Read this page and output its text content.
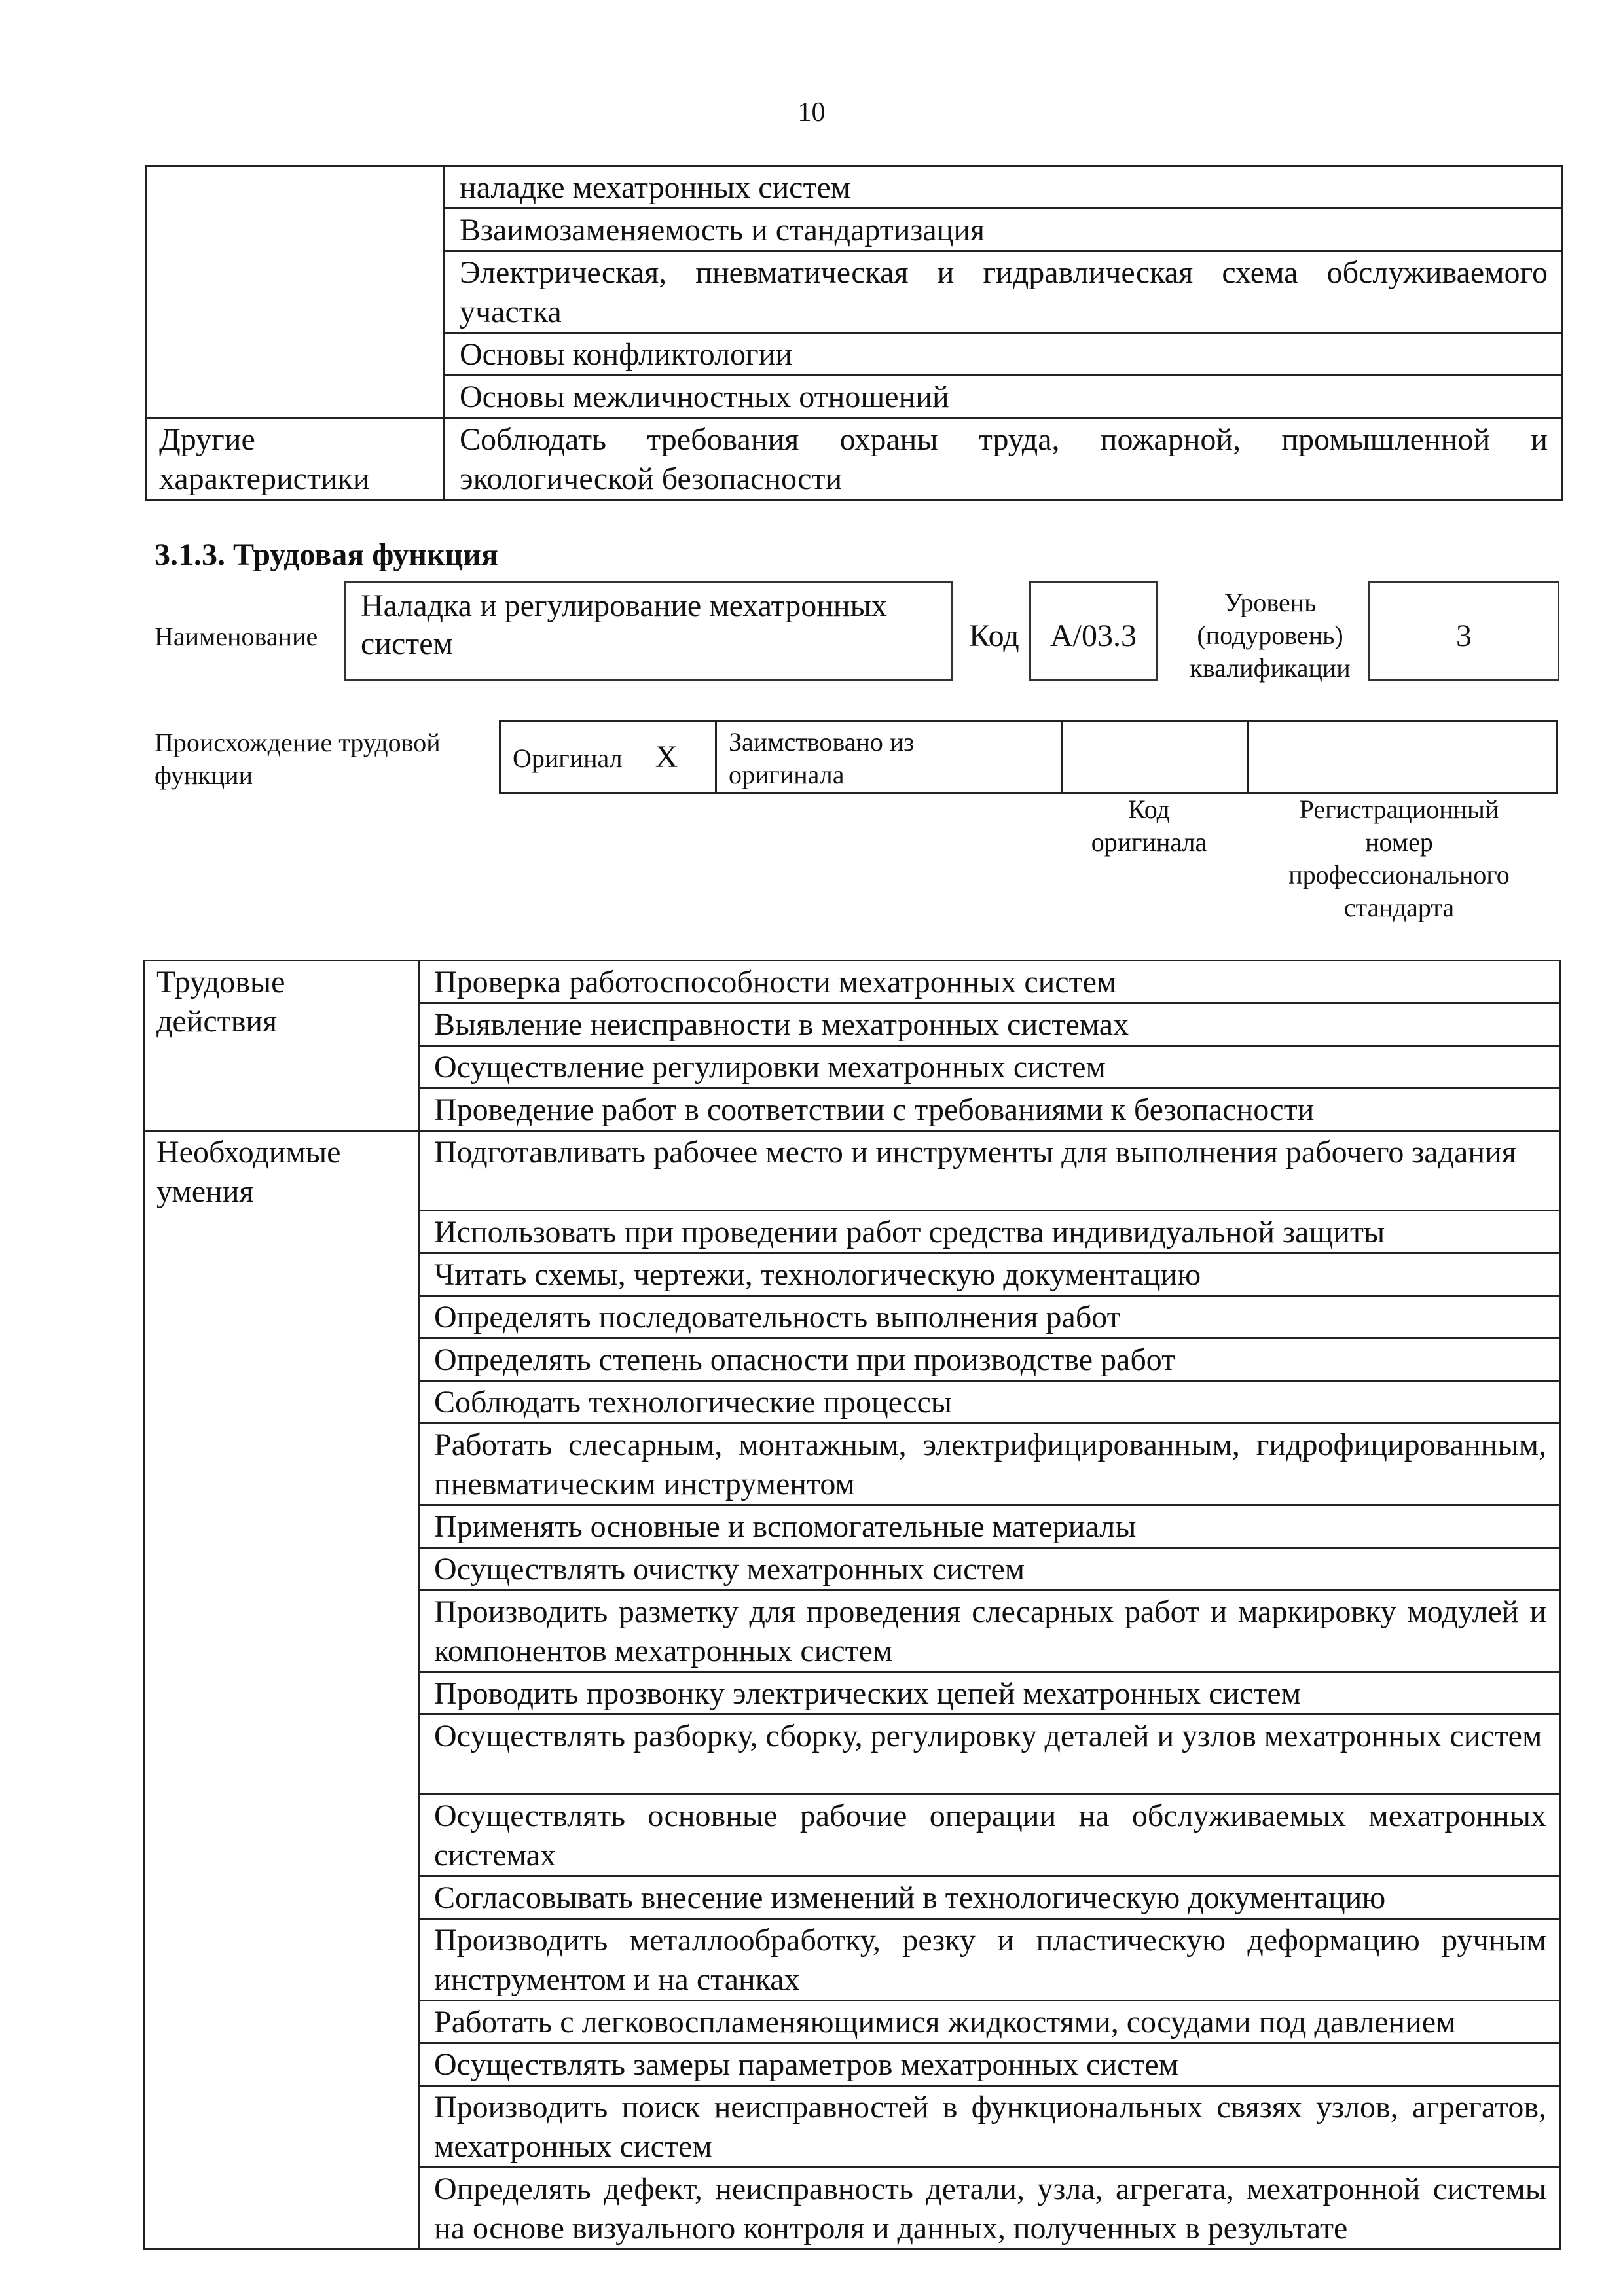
10

	наладке мехатронных систем

	Взаимозаменяемость и стандартизация

	Электрическая, пневматическая и гидравлическая схема обслуживаемого участка

	Основы конфликтологии

	Основы межличностных отношений

Другие характеристики	Соблюдать требования охраны труда, пожарной, промышленной и экологической безопасности
3.1.3. Трудовая функция
Наименование
Наладка и регулирование мехатронных систем	Код A/03.3
Уровень (подуровень) квалификации
3
Происхождение трудовой функции
Оригинал X	Заимствовано из оригинала

Код оригинала
Регистрационный номер профессионального стандарта
Трудовые действия	Проверка работоспособности мехатронных систем

	Выявление неисправности в мехатронных системах

	Осуществление регулировки мехатронных систем

	Проведение работ в соответствии с требованиями к безопасности

Необходимые умения	Подготавливать рабочее место и инструменты для выполнения рабочего задания

	Использовать при проведении работ средства индивидуальной защиты

	Читать схемы, чертежи, технологическую документацию

	Определять последовательность выполнения работ

	Определять степень опасности при производстве работ

	Соблюдать технологические процессы

	Работать слесарным, монтажным, электрифицированным, гидрофицированным, пневматическим инструментом

	Применять основные и вспомогательные материалы

	Осуществлять очистку мехатронных систем

	Производить разметку для проведения слесарных работ и маркировку модулей и компонентов мехатронных систем

	Проводить прозвонку электрических цепей мехатронных систем

	Осуществлять разборку, сборку, регулировку деталей и узлов мехатронных систем

	Осуществлять основные рабочие операции на обслуживаемых мехатронных системах

	Согласовывать внесение изменений в технологическую документацию

	Производить металлообработку, резку и пластическую деформацию ручным инструментом и на станках

	Работать с легковоспламеняющимися жидкостями, сосудами под давлением

	Осуществлять замеры параметров мехатронных систем

	Производить поиск неисправностей в функциональных связях узлов, агрегатов, мехатронных систем

	Определять дефект, неисправность детали, узла, агрегата, мехатронной системы на основе визуального контроля и данных, полученных в результате
